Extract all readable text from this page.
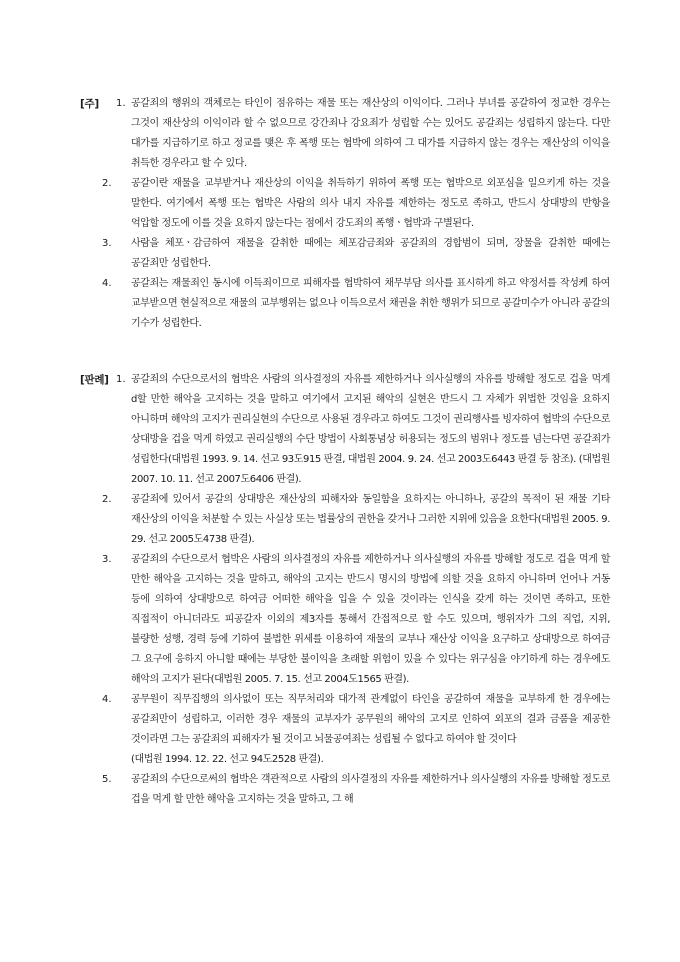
[주]	1. 공갈죄의 행위의 객체로는 타인이 점유하는 재물 또는 재산상의 이익이다. 그러나 부녀를 공갈하여 정교한 경우는 그것이 재산상의 이익이라 할 수 없으므로 강간죄나 강요죄가 성립할 수는 있어도 공갈죄는 성립하지 않는다. 다만 대가를 지급하기로 하고 정교를 맺은 후 폭행 또는 협박에 의하여 그 대가를 지급하지 않는 경우는 재산상의 이익을 취득한 경우라고 할 수 있다.
2.	공갈이란 재물을 교부받거나 재산상의 이익을 취득하기 위하여 폭행 또는 협박으로 외포심을 일으키게 하는 것을 말한다. 여기에서 폭행 또는 협박은 사람의 의사 내지 자유를 제한하는 정도로 족하고, 반드시 상대방의 반항을 억압할 정도에 이를 것을 요하지 않는다는 점에서 강도죄의 폭행ㆍ협박과 구별된다.
3.	사람을 체포ㆍ감금하여 재물을 갈취한 때에는 체포감금죄와 공갈죄의 경합범이 되며, 장물을 갈취한 때에는 공갈죄만 성립한다.
4.	공갈죄는 재물죄인 동시에 이득죄이므로 피해자를 협박하여 채무부담 의사를 표시하게 하고 약정서를 작성케 하여 교부받으면 현실적으로 재물의 교부행위는 없으나 이득으로서 채권을 취한 행위가 되므로 공갈미수가 아니라 공갈의 기수가 성립한다.
[판례] 1. 공갈죄의 수단으로서의 협박은 사람의 의사결정의 자유를 제한하거나 의사실행의 자유를 방해할 정도로 겁을 먹게 d할 만한 해악을 고지하는 것을 말하고 여기에서 고지된 해악의 실현은 반드시 그 자체가 위법한 것임을 요하지 아니하며 해악의 고지가 권리실현의 수단으로 사용된 경우라고 하여도 그것이 권리행사를 빙자하여 협박의 수단으로 상대방을 겁을 먹게 하였고 권리실행의 수단 방법이 사회통념상 허용되는 정도의 범위나 정도를 넘는다면 공갈죄가 성립한다(대법원 1993. 9. 14. 선고 93도915 판결, 대법원 2004. 9. 24. 선고 2003도6443 판결 등 참조). (대법원 2007. 10. 11. 선고 2007도6406 판결).
2.	공갈죄에 있어서 공갈의 상대방은 재산상의 피해자와 동일함을 요하지는 아니하나, 공갈의 목적이 된 재물 기타 재산상의 이익을 처분할 수 있는 사실상 또는 법률상의 권한을 갖거나 그러한 지위에 있음을 요한다(대법원 2005. 9. 29. 선고 2005도4738 판결).
3.	공갈죄의 수단으로서 협박은 사람의 의사결정의 자유를 제한하거나 의사실행의 자유를 방해할 정도로 겁을 먹게 할 만한 해악을 고지하는 것을 말하고, 해악의 고지는 반드시 명시의 방법에 의할 것을 요하지 아니하며 언어나 거동 등에 의하여 상대방으로 하여금 어떠한 해악을 입을 수 있을 것이라는 인식을 갖게 하는 것이면 족하고, 또한 직접적이 아니더라도 피공갈자 이외의 제3자를 통해서 간접적으로 할 수도 있으며, 행위자가 그의 직업, 지위, 불량한 성행, 경력 등에 기하여 불법한 위세를 이용하여 재물의 교부나 재산상 이익을 요구하고 상대방으로 하여금 그 요구에 응하지 아니할 때에는 부당한 불이익을 초래할 위험이 있을 수 있다는 위구심을 야기하게 하는 경우에도 해악의 고지가 된다(대법원 2005. 7. 15. 선고 2004도1565 판결).
4.	공무원이 직무집행의 의사없이 또는 직무처리와 대가적 관계없이 타인을 공갈하여 재물을 교부하게 한 경우에는 공갈죄만이 성립하고, 이러한 경우 재물의 교부자가 공무원의 해악의 고지로 인하여 외포의 결과 금품을 제공한 것이라면 그는 공갈죄의 피해자가 될 것이고 뇌물공여죄는 성립될 수 없다고 하여야 할 것이다
(대법원 1994. 12. 22. 선고 94도2528 판결).
5.	공갈죄의 수단으로써의 협박은 객관적으로 사람의 의사결정의 자유를 제한하거나 의사실행의 자유를 방해할 정도로 겁을 먹게 할 만한 해악을 고지하는 것을 말하고, 그 해
